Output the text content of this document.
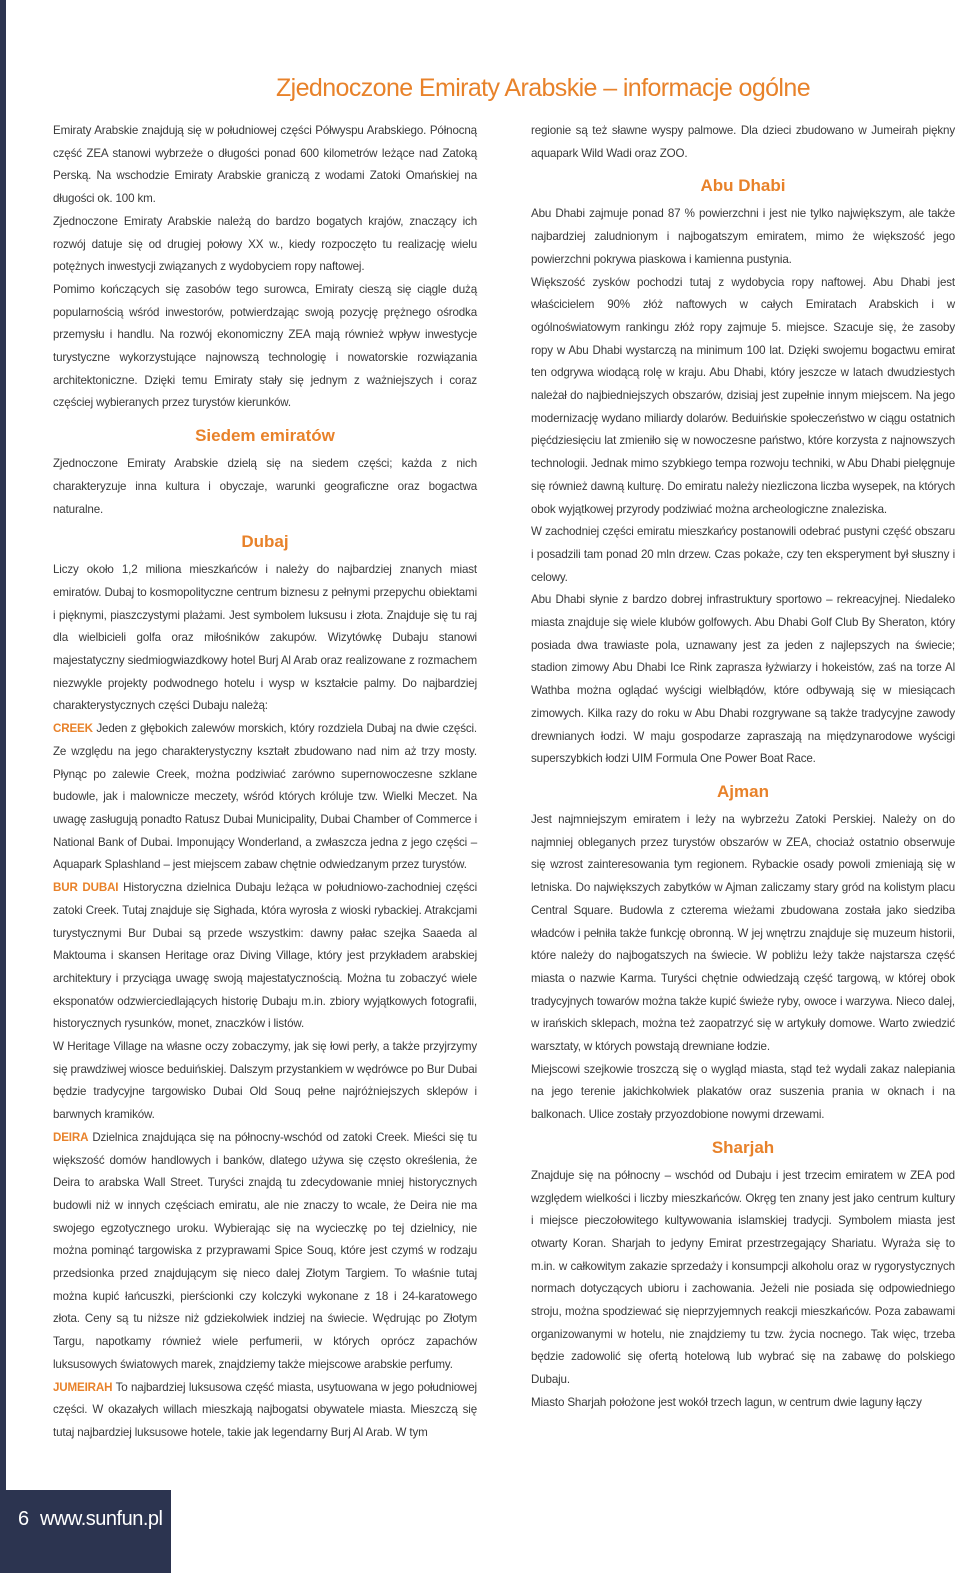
Zjednoczone Emiraty Arabskie – informacje ogólne

Emiraty Arabskie znajdują się w południowej części Półwyspu Arabskiego. Północną część ZEA stanowi wybrzeże o długości ponad 600 kilometrów leżące nad Zatoką Perską. Na wschodzie Emiraty Arabskie graniczą z wodami Zatoki Omańskiej na długości ok. 100 km.

Zjednoczone Emiraty Arabskie należą do bardzo bogatych krajów, znaczący ich rozwój datuje się od drugiej połowy XX w., kiedy rozpoczęto tu realizację wielu potężnych inwestycji związanych z wydobyciem ropy naftowej.

Pomimo kończących się zasobów tego surowca, Emiraty cieszą się ciągle dużą popularnością wśród inwestorów, potwierdzając swoją pozycję prężnego ośrodka przemysłu i handlu. Na rozwój ekonomiczny ZEA mają również wpływ inwestycje turystyczne wykorzystujące najnowszą technologię i nowatorskie rozwiązania architektoniczne. Dzięki temu Emiraty stały się jednym z ważniejszych i coraz częściej wybieranych przez turystów kierunków.

Siedem emiratów

Zjednoczone Emiraty Arabskie dzielą się na siedem części; każda z nich charakteryzuje inna kultura i obyczaje, warunki geograficzne oraz bogactwa naturalne.

Dubaj

Liczy około 1,2 miliona mieszkańców i należy do najbardziej znanych miast emiratów. Dubaj to kosmopolityczne centrum biznesu z pełnymi przepychu obiektami i pięknymi, piaszczystymi plażami. Jest symbolem luksusu i złota. Znajduje się tu raj dla wielbicieli golfa oraz miłośników zakupów. Wizytówkę Dubaju stanowi majestatyczny siedmiogwiazdkowy hotel Burj Al Arab oraz realizowane z rozmachem niezwykle projekty podwodnego hotelu i wysp w kształcie palmy. Do najbardziej charakterystycznych części Dubaju należą:

CREEK Jeden z głębokich zalewów morskich, który rozdziela Dubaj na dwie części. Ze względu na jego charakterystyczny kształt zbudowano nad nim aż trzy mosty. Płynąc po zalewie Creek, można podziwiać zarówno supernowoczesne szklane budowle, jak i malownicze meczety, wśród których króluje tzw. Wielki Meczet. Na uwagę zasługują ponadto Ratusz Dubai Municipality, Dubai Chamber of Commerce i National Bank of Dubai. Imponujący Wonderland, a zwłaszcza jedna z jego części – Aquapark Splashland – jest miejscem zabaw chętnie odwiedzanym przez turystów.

BUR DUBAI Historyczna dzielnica Dubaju leżąca w południowo-zachodniej części zatoki Creek. Tutaj znajduje się Sighada, która wyrosła z wioski rybackiej. Atrakcjami turystycznymi Bur Dubai są przede wszystkim: dawny pałac szejka Saaeda al Maktouma i skansen Heritage oraz Diving Village, który jest przykładem arabskiej architektury i przyciąga uwagę swoją majestatycznością. Można tu zobaczyć wiele eksponatów odzwierciedlających historię Dubaju m.in. zbiory wyjątkowych fotografii, historycznych rysunków, monet, znaczków i listów.

W Heritage Village na własne oczy zobaczymy, jak się łowi perły, a także przyjrzymy się prawdziwej wiosce beduińskiej. Dalszym przystankiem w wędrówce po Bur Dubai będzie tradycyjne targowisko Dubai Old Souq pełne najróżniejszych sklepów i barwnych kramików.

DEIRA Dzielnica znajdująca się na północny-wschód od zatoki Creek. Mieści się tu większość domów handlowych i banków, dlatego używa się często określenia, że Deira to arabska Wall Street. Turyści znajdą tu zdecydowanie mniej historycznych budowli niż w innych częściach emiratu, ale nie znaczy to wcale, że Deira nie ma swojego egzotycznego uroku. Wybierając się na wycieczkę po tej dzielnicy, nie można pominąć targowiska z przyprawami Spice Souq, które jest czymś w rodzaju przedsionka przed znajdującym się nieco dalej Złotym Targiem. To właśnie tutaj można kupić łańcuszki, pierścionki czy kolczyki wykonane z 18 i 24-karatowego złota. Ceny są tu niższe niż gdziekolwiek indziej na świecie. Wędrując po Złotym Targu, napotkamy również wiele perfumerii, w których oprócz zapachów luksusowych światowych marek, znajdziemy także miejscowe arabskie perfumy.

JUMEIRAH To najbardziej luksusowa część miasta, usytuowana w jego południowej części. W okazałych willach mieszkają najbogatsi obywatele miasta. Mieszczą się tutaj najbardziej luksusowe hotele, takie jak legendarny Burj Al Arab. W tym

regionie są też sławne wyspy palmowe. Dla dzieci zbudowano w Jumeirah piękny aquapark Wild Wadi oraz ZOO.

Abu Dhabi

Abu Dhabi zajmuje ponad 87 % powierzchni i jest nie tylko największym, ale także najbardziej zaludnionym i najbogatszym emiratem, mimo że większość jego powierzchni pokrywa piaskowa i kamienna pustynia.

Większość zysków pochodzi tutaj z wydobycia ropy naftowej. Abu Dhabi jest właścicielem 90% złóż naftowych w całych Emiratach Arabskich i w ogólnoświatowym rankingu złóż ropy zajmuje 5. miejsce. Szacuje się, że zasoby ropy w Abu Dhabi wystarczą na minimum 100 lat. Dzięki swojemu bogactwu emirat ten odgrywa wiodącą rolę w kraju. Abu Dhabi, który jeszcze w latach dwudziestych należał do najbiedniejszych obszarów, dzisiaj jest zupełnie innym miejscem. Na jego modernizację wydano miliardy dolarów. Beduińskie społeczeństwo w ciągu ostatnich pięćdziesięciu lat zmieniło się w nowoczesne państwo, które korzysta z najnowszych technologii. Jednak mimo szybkiego tempa rozwoju techniki, w Abu Dhabi pielęgnuje się również dawną kulturę. Do emiratu należy niezliczona liczba wysepek, na których obok wyjątkowej przyrody podziwiać można archeologiczne znaleziska.

W zachodniej części emiratu mieszkańcy postanowili odebrać pustyni część obszaru i posadzili tam ponad 20 mln drzew. Czas pokaże, czy ten eksperyment był słuszny i celowy.

Abu Dhabi słynie z bardzo dobrej infrastruktury sportowo – rekreacyjnej. Niedaleko miasta znajduje się wiele klubów golfowych. Abu Dhabi Golf Club By Sheraton, który posiada dwa trawiaste pola, uznawany jest za jeden z najlepszych na świecie; stadion zimowy Abu Dhabi Ice Rink zaprasza łyżwiarzy i hokeistów, zaś na torze Al Wathba można oglądać wyścigi wielbłądów, które odbywają się w miesiącach zimowych. Kilka razy do roku w Abu Dhabi rozgrywane są także tradycyjne zawody drewnianych łodzi. W maju gospodarze zapraszają na międzynarodowe wyścigi superszybkich łodzi UIM Formula One Power Boat Race.

Ajman

Jest najmniejszym emiratem i leży na wybrzeżu Zatoki Perskiej. Należy on do najmniej obleganych przez turystów obszarów w ZEA, chociaż ostatnio obserwuje się wzrost zainteresowania tym regionem. Rybackie osady powoli zmieniają się w letniska. Do największych zabytków w Ajman zaliczamy stary gród na kolistym placu Central Square. Budowla z czterema wieżami zbudowana została jako siedziba władców i pełniła także funkcję obronną. W jej wnętrzu znajduje się muzeum historii, które należy do najbogatszych na świecie. W pobliżu leży także najstarsza część miasta o nazwie Karma. Turyści chętnie odwiedzają część targową, w której obok tradycyjnych towarów można także kupić świeże ryby, owoce i warzywa. Nieco dalej, w irańskich sklepach, można też zaopatrzyć się w artykuły domowe. Warto zwiedzić warsztaty, w których powstają drewniane łodzie.

Miejscowi szejkowie troszczą się o wygląd miasta, stąd też wydali zakaz nalepiania na jego terenie jakichkolwiek plakatów oraz suszenia prania w oknach i na balkonach. Ulice zostały przyozdobione nowymi drzewami.

Sharjah

Znajduje się na północny – wschód od Dubaju i jest trzecim emiratem w ZEA pod względem wielkości i liczby mieszkańców. Okręg ten znany jest jako centrum kultury i miejsce pieczołowitego kultywowania islamskiej tradycji. Symbolem miasta jest otwarty Koran. Sharjah to jedyny Emirat przestrzegający Shariatu. Wyraża się to m.in. w całkowitym zakazie sprzedaży i konsumpcji alkoholu oraz w rygorystycznych normach dotyczących ubioru i zachowania. Jeżeli nie posiada się odpowiedniego stroju, można spodziewać się nieprzyjemnych reakcji mieszkańców. Poza zabawami organizowanymi w hotelu, nie znajdziemy tu tzw. życia nocnego. Tak więc, trzeba będzie zadowolić się ofertą hotelową lub wybrać się na zabawę do polskiego Dubaju.

Miasto Sharjah położone jest wokół trzech lagun, w centrum dwie laguny łączy

6 www.sunfun.pl
